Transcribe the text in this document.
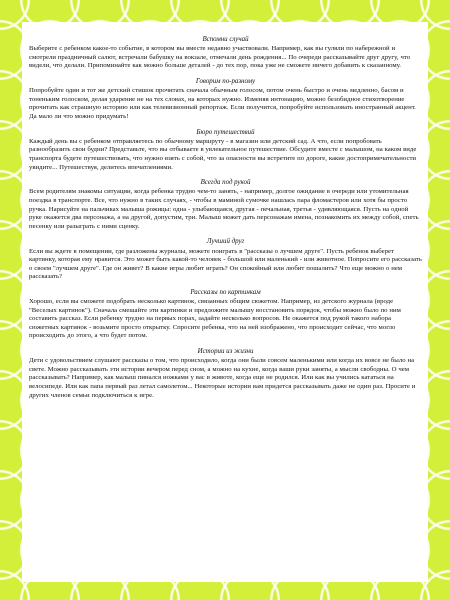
Вспомни случай

Выберите с ребенком какое-то событие, в котором вы вместе недавно участвовали. Например, как вы гуляли по набережной и смотрели праздничный салют, встречали бабушку на вокзале, отмечали день рождения... По очереди рассказывайте друг другу, что видели, что делали. Припоминайте как можно больше деталей - до тех пор, пока уже не сможете ничего добавить к сказанному.

Говорим по-разному

Попробуйте один и тот же детский стишок прочитать сначала обычным голосом, потом очень быстро и очень медленно, басом и тоненьким голоском, делая ударение не на тех словах, на которых нужно. Изменяя интонацию, можно безобидное стихотворение прочитать как страшную историю или как телевизионный репортаж. Если получится, попробуйте использовать иностранный акцент. Да мало ли что можно придумать!

Бюро путешествий

Каждый день вы с ребенком отправляетесь по обычному маршруту - в магазин или детский сад. А что, если попробовать разнообразить свои будни? Представьте, что вы отбываете в увлекательное путешествие. Обсудите вместе с малышом, на каком виде транспорта будете путешествовать, что нужно взять с собой, что за опасности вы встретите по дороге, какие достопримечательности увидите... Путешествуя, делитесь впечатлениями.

Всегда под рукой

Всем родителям знакомы ситуации, когда ребенка трудно чем-то занять, - например, долгое ожидание в очереди или утомительная поездка в транспорте. Все, что нужно в таких случаях, - чтобы в маминой сумочке нашлась пара фломастеров или хотя бы просто ручка. Нарисуйте на пальчиках малыша рожицы: одна - улыбающаяся, другая - печальная, третья - удивляющаяся. Пусть на одной руке окажется два персонажа, а на другой, допустим, три. Малыш может дать персонажам имена, познакомить их между собой, спеть песенку или разыграть с ними сценку.

Лучший друг

Если вы ждете в помещении, где разложены журналы, можете поиграть в "рассказы о лучшем друге". Пусть ребенок выберет картинку, которая ему нравится. Это может быть какой-то человек - большой или маленький - или животное. Попросите его рассказать о своем "лучшем друге". Где он живет? В какие игры любит играть? Он спокойный или любит пошалить? Что еще можно о нем рассказать?

Рассказы по картинкам

Хорошо, если вы сможете подобрать несколько картинок, связанных общим сюжетом. Например, из детского журнала (вроде "Веселых картинок"). Сначала смешайте эти картинки и предложите малышу восстановить порядок, чтобы можно было по ним составить рассказ. Если ребенку трудно на первых порах, задайте несколько вопросов. Не окажется под рукой такого набора сюжетных картинок - возьмите просто открытку. Спросите ребенка, что на ней изображено, что происходит сейчас, что могло происходить до этого, а что будет потом.

Истории из жизни

Дети с удовольствием слушают рассказы о том, что происходило, когда они были совсем маленькими или когда их вовсе не было на свете. Можно рассказывать эти истории вечером перед сном, а можно на кухне, когда ваши руки заняты, а мысли свободны. О чем рассказывать? Например, как малыш пинался ножками у вас в животе, когда еще не родился. Или как вы учились кататься на велосипеде. Или как папа первый раз летал самолетом... Некоторые истории вам придется рассказывать даже не один раз. Просите и других членов семьи подключиться к игре.
